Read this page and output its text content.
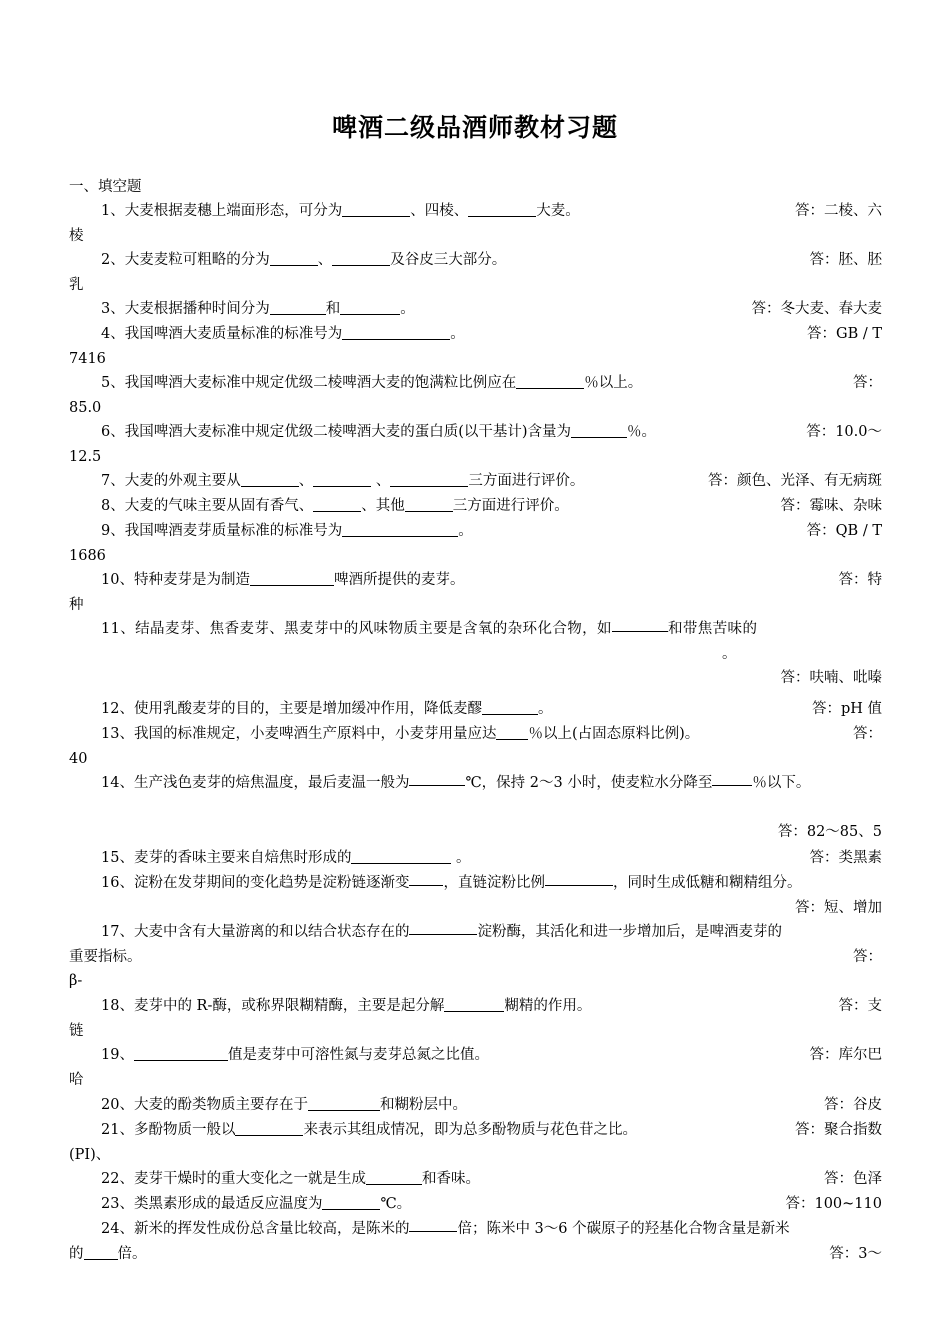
啤酒二级品酒师教材习题
一、填空题
1、大麦根据麦穗上端面形态，可分为	、四棱、	大麦。	答：二棱、六
棱
2、大麦麦粒可粗略的分为	、	及谷皮三大部分。	答：胚、胚
乳
3、大麦根据播种时间分为	和	。	答：冬大麦、春大麦
4、我国啤酒大麦质量标准的标准号为	。	答：GB / T
7416
5、我国啤酒大麦标准中规定优级二棱啤酒大麦的饱满粒比例应在	％以上。	答：
85.0
6、我国啤酒大麦标准中规定优级二棱啤酒大麦的蛋白质(以干基计)含量为	％。	答：10.0～
12.5
7、大麦的外观主要从	、	、	三方面进行评价。	答：颜色、光泽、有无病斑
8、大麦的气味主要从固有香气、	、其他	三方面进行评价。	答：霉味、杂味
9、我国啤酒麦芽质量标准的标准号为	。	答：QB / T
1686
10、特种麦芽是为制造	啤酒所提供的麦芽。	答：特
种
11、结晶麦芽、焦香麦芽、黑麦芽中的风味物质主要是含氧的杂环化合物，如	和带焦苦味的
。
答：呋喃、吡嗪
12、使用乳酸麦芽的目的，主要是增加缓冲作用，降低麦醪	。	答：pH 值
13、我国的标准规定，小麦啤酒生产原料中，小麦芽用量应达 ％以上(占固态原料比例)。	答：
40
14、生产浅色麦芽的焙焦温度，最后麦温一般为	℃，保持 2～3 小时，使麦粒水分降至	％以下。

答：82～85、5
15、麦芽的香味主要来自焙焦时形成的	。	答：类黑素
16、淀粉在发芽期间的变化趋势是淀粉链逐渐变 ，直链淀粉比例	，同时生成低糖和糊精组分。
答：短、增加
17、大麦中含有大量游离的和以结合状态存在的	淀粉酶，其活化和进一步增加后，是啤酒麦芽的
重要指标。	答：
β-
18、麦芽中的 R-酶，或称界限糊精酶，主要是起分解	糊精的作用。	答：支
链
19、	值是麦芽中可溶性氮与麦芽总氮之比值。	答：库尔巴
哈
20、大麦的酚类物质主要存在于	和糊粉层中。	答：谷皮
21、多酚物质一般以	来表示其组成情况，即为总多酚物质与花色苷之比。	答：聚合指数
(PI)、
22、麦芽干燥时的重大变化之一就是生成	和香味。	答：色泽
23、类黑素形成的最适反应温度为	℃。	答：100~110
24、新米的挥发性成份总含量比较高，是陈米的	倍；陈米中 3～6 个碳原子的羟基化合物含量是新米
的 倍。	答：3～
